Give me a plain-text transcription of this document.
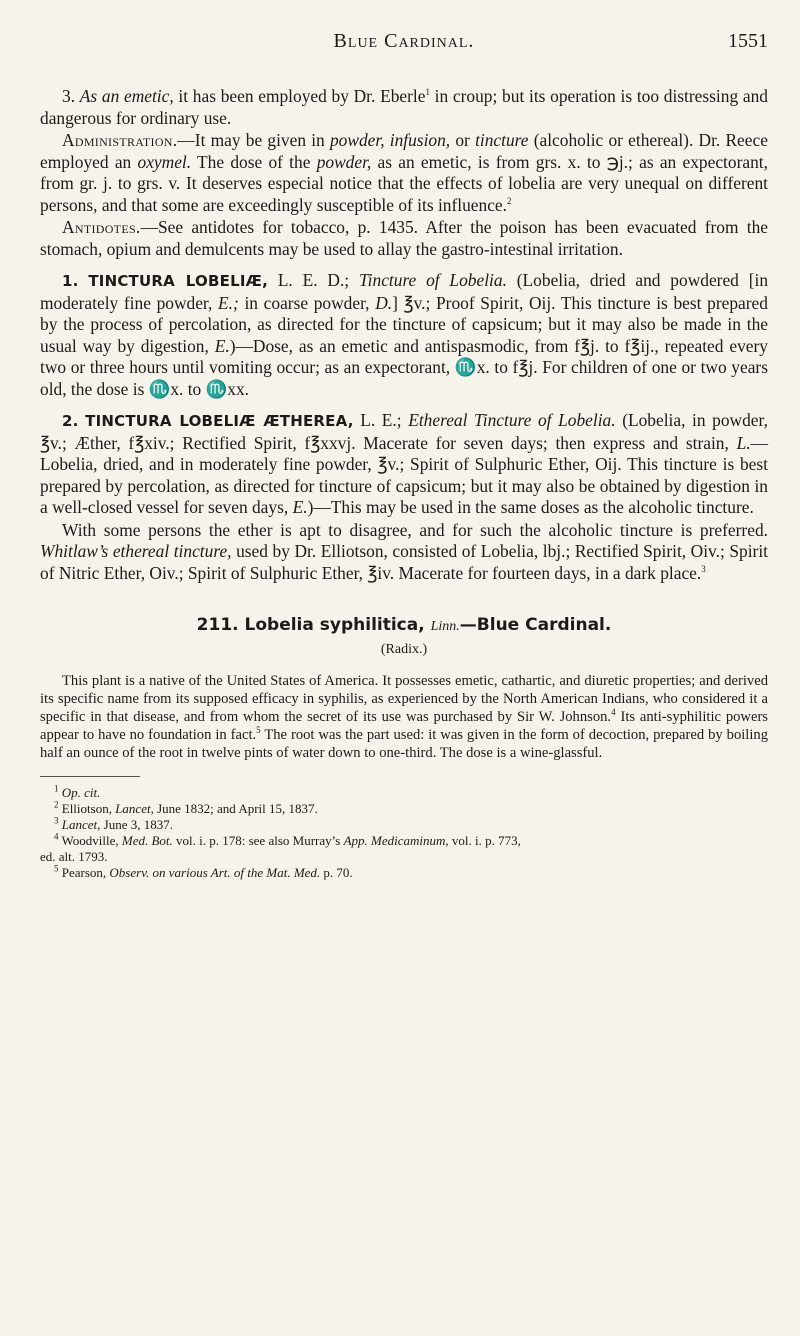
Blue Cardinal.	1551

3. As an emetic, it has been employed by Dr. Eberle$^1$ in croup; but its operation is too distressing and dangerous for ordinary use.

Administration.—It may be given in powder, infusion, or tincture (alcoholic or ethereal). Dr. Reece employed an oxymel. The dose of the powder, as an emetic, is from grs. x. to ℈j.; as an expectorant, from gr. j. to grs. v. It deserves especial notice that the effects of lobelia are very unequal on different persons, and that some are exceedingly susceptible of its influence.$^2$

Antidotes.—See antidotes for tobacco, p. 1435. After the poison has been evacuated from the stomach, opium and demulcents may be used to allay the gastro-intestinal irritation.

1. TINCTURA LOBELIÆ, L. E. D.; Tincture of Lobelia. (Lobelia, dried and powdered [in moderately fine powder, E.; in coarse powder, D.] ℥v.; Proof Spirit, Oij. This tincture is best prepared by the process of percolation, as directed for the tincture of capsicum; but it may also be made in the usual way by digestion, E.)—Dose, as an emetic and antispasmodic, from f℥j. to f℥ij., repeated every two or three hours until vomiting occur; as an expectorant, ♏x. to f℥j. For children of one or two years old, the dose is ♏x. to ♏xx.

2. TINCTURA LOBELIÆ ÆTHEREA, L. E.; Ethereal Tincture of Lobelia. (Lobelia, in powder, ℥v.; Æther, f℥xiv.; Rectified Spirit, f℥xxvj. Macerate for seven days; then express and strain, L.—Lobelia, dried, and in moderately fine powder, ℥v.; Spirit of Sulphuric Ether, Oij. This tincture is best prepared by percolation, as directed for tincture of capsicum; but it may also be obtained by digestion in a well-closed vessel for seven days, E.)—This may be used in the same doses as the alcoholic tincture.

With some persons the ether is apt to disagree, and for such the alcoholic tincture is preferred. Whitlaw’s ethereal tincture, used by Dr. Elliotson, consisted of Lobelia, lbj.; Rectified Spirit, Oiv.; Spirit of Nitric Ether, Oiv.; Spirit of Sulphuric Ether, ℥iv. Macerate for fourteen days, in a dark place.$^3$

211. Lobelia syphilitica, Linn.—Blue Cardinal.
(Radix.)

This plant is a native of the United States of America. It possesses emetic, cathartic, and diuretic properties; and derived its specific name from its supposed efficacy in syphilis, as experienced by the North American Indians, who considered it a specific in that disease, and from whom the secret of its use was purchased by Sir W. Johnson.$^4$ Its anti-syphilitic powers appear to have no foundation in fact.$^5$ The root was the part used: it was given in the form of decoction, prepared by boiling half an ounce of the root in twelve pints of water down to one-third. The dose is a wine-glassful.

$^1$ Op. cit.
$^2$ Elliotson, Lancet, June 1832; and April 15, 1837.
$^3$ Lancet, June 3, 1837.
$^4$ Woodville, Med. Bot. vol. i. p. 178: see also Murray’s App. Medicaminum, vol. i. p. 773,
ed. alt. 1793.
$^5$ Pearson, Observ. on various Art. of the Mat. Med. p. 70.
